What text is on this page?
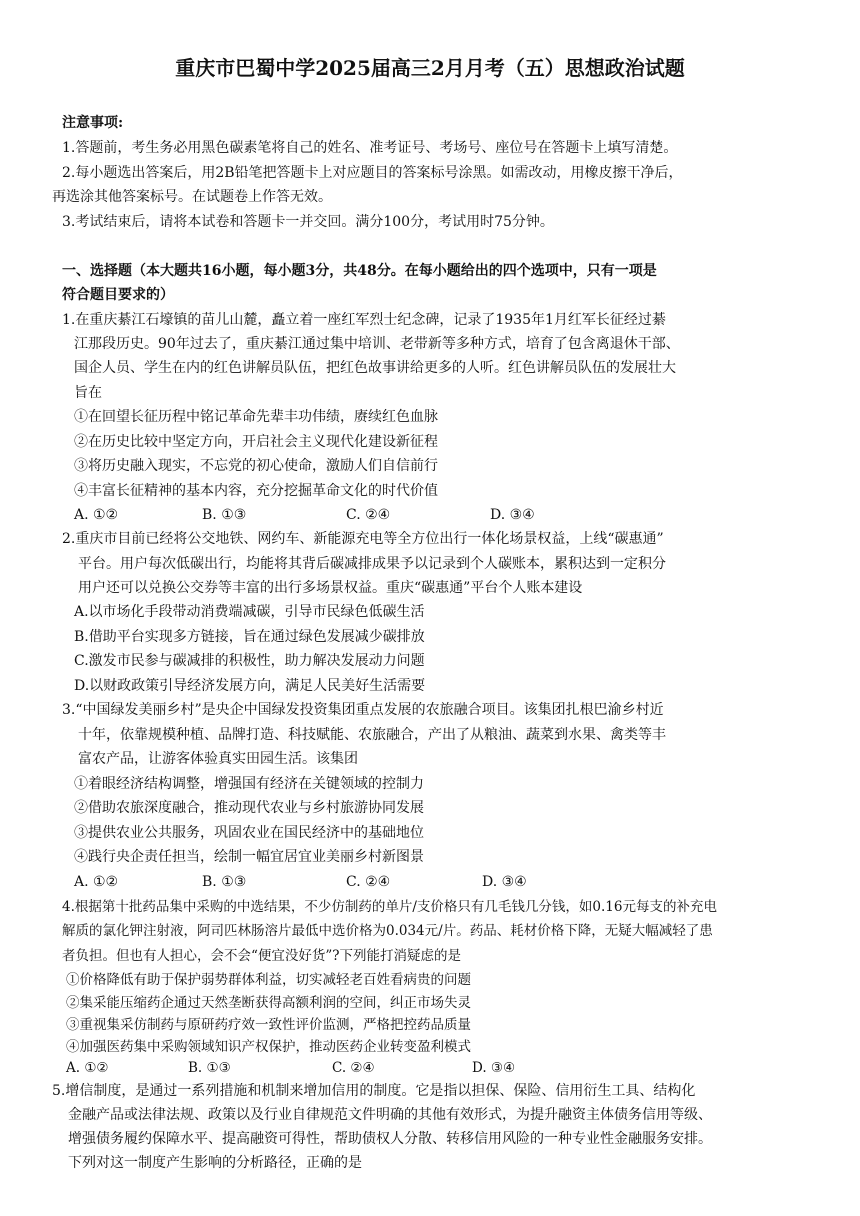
重庆市巴蜀中学2025届高三2月月考（五）思想政治试题
注意事项:
1.答题前，考生务必用黑色碳素笔将自己的姓名、准考证号、考场号、座位号在答题卡上填写清楚。
2.每小题选出答案后，用2B铅笔把答题卡上对应题目的答案标号涂黑。如需改动，用橡皮擦干净后，
再选涂其他答案标号。在试题卷上作答无效。
3.考试结束后，请将本试卷和答题卡一并交回。满分100分，考试用时75分钟。
一、选择题（本大题共16小题，每小题3分，共48分。在每小题给出的四个选项中，只有一项是
符合题目要求的）
1.在重庆綦江石壕镇的苗儿山麓，矗立着一座红军烈士纪念碑，记录了1935年1月红军长征经过綦
江那段历史。90年过去了，重庆綦江通过集中培训、老带新等多种方式，培育了包含离退休干部、
国企人员、学生在内的红色讲解员队伍，把红色故事讲给更多的人听。红色讲解员队伍的发展壮大
旨在
①在回望长征历程中铭记革命先辈丰功伟绩，赓续红色血脉
②在历史比较中坚定方向，开启社会主义现代化建设新征程
③将历史融入现实，不忘党的初心使命，激励人们自信前行
④丰富长征精神的基本内容，充分挖掘革命文化的时代价值
A. ①②	B. ①③	C. ②④	D. ③④
2.重庆市目前已经将公交地铁、网约车、新能源充电等全方位出行一体化场景权益，上线“碳惠通”
平台。用户每次低碳出行，均能将其背后碳减排成果予以记录到个人碳账本，累积达到一定积分
用户还可以兑换公交券等丰富的出行多场景权益。重庆“碳惠通”平台个人账本建设
A.以市场化手段带动消费端减碳，引导市民绿色低碳生活
B.借助平台实现多方链接，旨在通过绿色发展减少碳排放
C.激发市民参与碳减排的积极性，助力解决发展动力问题
D.以财政政策引导经济发展方向，满足人民美好生活需要
3.“中国绿发美丽乡村”是央企中国绿发投资集团重点发展的农旅融合项目。该集团扎根巴渝乡村近
十年，依靠规模种植、品牌打造、科技赋能、农旅融合，产出了从粮油、蔬菜到水果、禽类等丰
富农产品，让游客体验真实田园生活。该集团
①着眼经济结构调整，增强国有经济在关键领域的控制力
②借助农旅深度融合，推动现代农业与乡村旅游协同发展
③提供农业公共服务，巩固农业在国民经济中的基础地位
④践行央企责任担当，绘制一幅宜居宜业美丽乡村新图景
A. ①②	B. ①③	C. ②④	D. ③④
4.根据第十批药品集中采购的中选结果，不少仿制药的单片/支价格只有几毛钱几分钱，如0.16元每支的补充电
解质的氯化钾注射液，阿司匹林肠溶片最低中选价格为0.034元/片。药品、耗材价格下降，无疑大幅减轻了患
者负担。但也有人担心，会不会“便宜没好货”?下列能打消疑虑的是
①价格降低有助于保护弱势群体利益，切实减轻老百姓看病贵的问题
②集采能压缩药企通过天然垄断获得高额利润的空间，纠正市场失灵
③重视集采仿制药与原研药疗效一致性评价监测，严格把控药品质量
④加强医药集中采购领域知识产权保护，推动医药企业转变盈利模式
A. ①②	B. ①③	C. ②④	D. ③④
5.增信制度，是通过一系列措施和机制来增加信用的制度。它是指以担保、保险、信用衍生工具、结构化
金融产品或法律法规、政策以及行业自律规范文件明确的其他有效形式，为提升融资主体债务信用等级、
增强债务履约保障水平、提高融资可得性，帮助债权人分散、转移信用风险的一种专业性金融服务安排。
下列对这一制度产生影响的分析路径，正确的是
